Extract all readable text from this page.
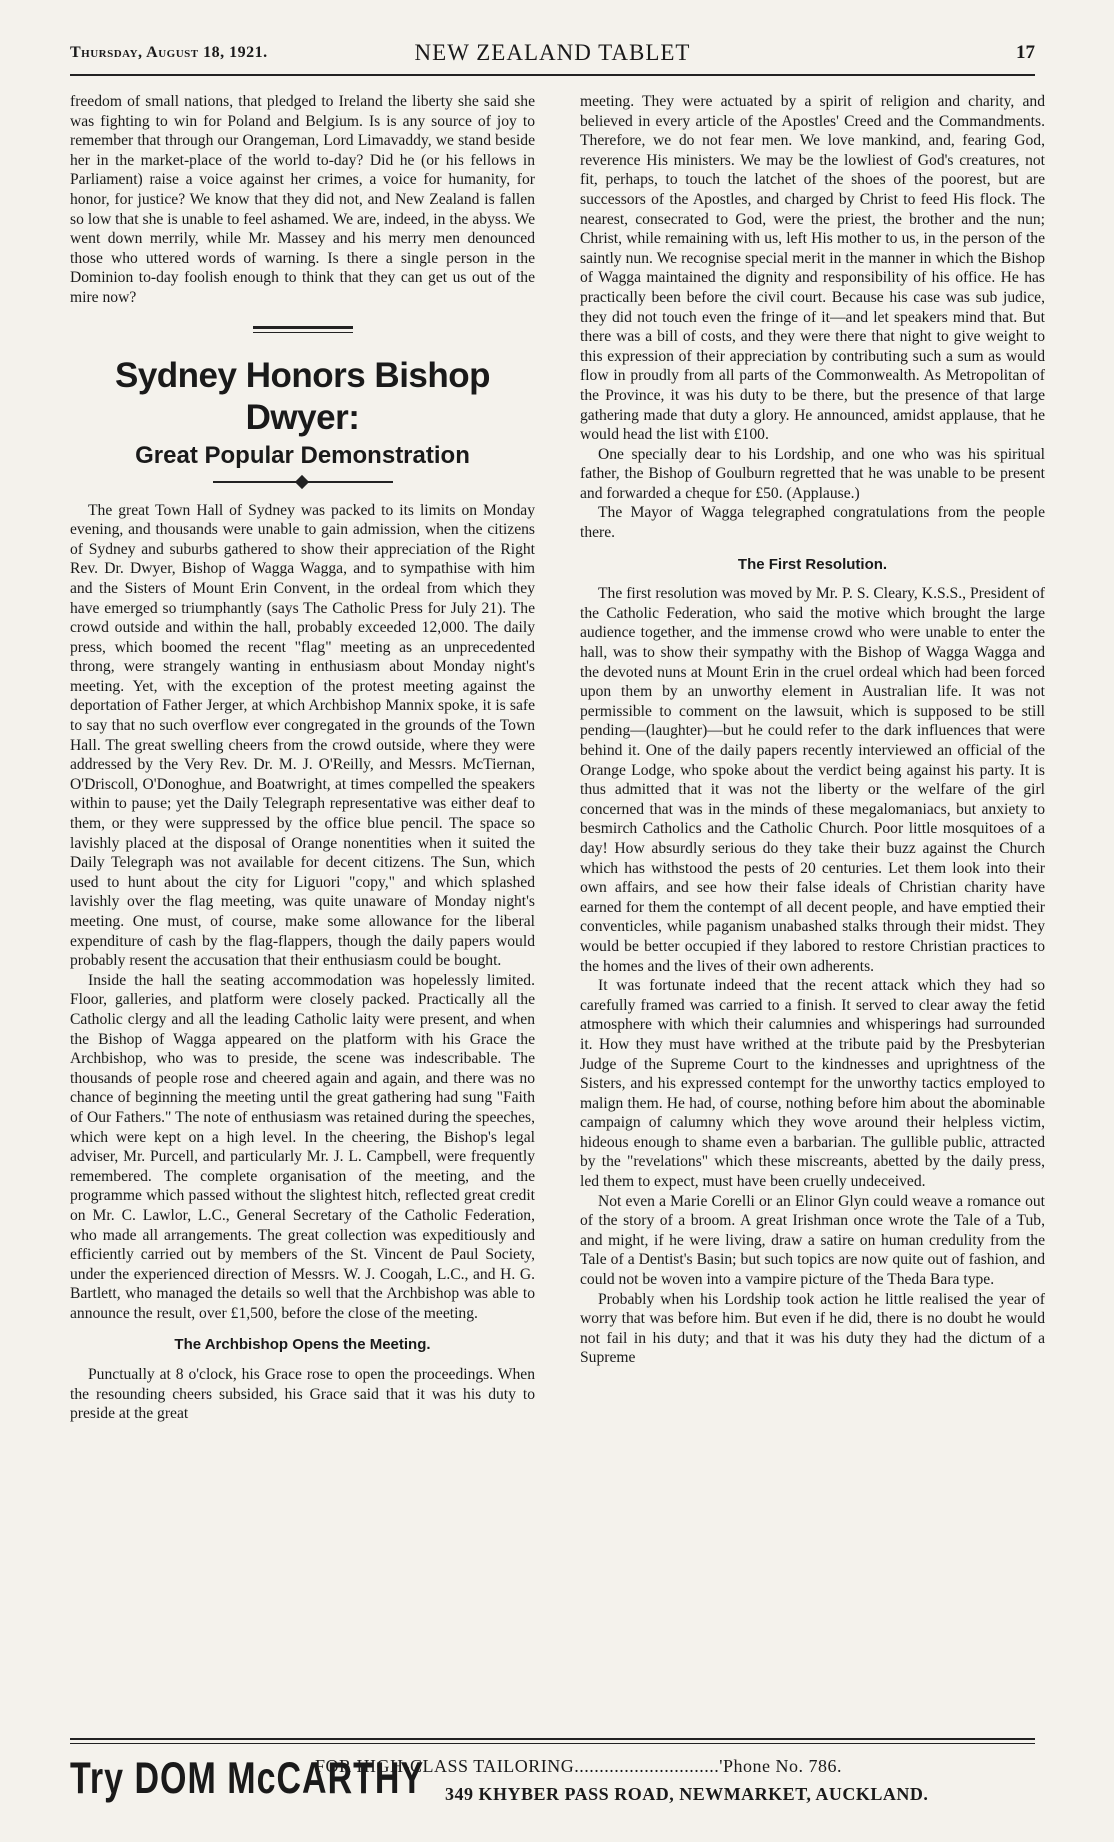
Thursday, August 18, 1921.	NEW ZEALAND TABLET	17

freedom of small nations, that pledged to Ireland the liberty she said she was fighting to win for Poland and Belgium. Is is any source of joy to remember that through our Orangeman, Lord Limavaddy, we stand beside her in the market-place of the world to-day? Did he (or his fellows in Parliament) raise a voice against her crimes, a voice for humanity, for honor, for justice? We know that they did not, and New Zealand is fallen so low that she is unable to feel ashamed. We are, indeed, in the abyss. We went down merrily, while Mr. Massey and his merry men denounced those who uttered words of warning. Is there a single person in the Dominion to-day foolish enough to think that they can get us out of the mire now?

Sydney Honors Bishop Dwyer:
Great Popular Demonstration

The great Town Hall of Sydney was packed to its limits on Monday evening, and thousands were unable to gain admission, when the citizens of Sydney and suburbs gathered to show their appreciation of the Right Rev. Dr. Dwyer, Bishop of Wagga Wagga, and to sympathise with him and the Sisters of Mount Erin Convent, in the ordeal from which they have emerged so triumphantly (says The Catholic Press for July 21). The crowd outside and within the hall, probably exceeded 12,000. The daily press, which boomed the recent "flag" meeting as an unprecedented throng, were strangely wanting in enthusiasm about Monday night's meeting. Yet, with the exception of the protest meeting against the deportation of Father Jerger, at which Archbishop Mannix spoke, it is safe to say that no such overflow ever congregated in the grounds of the Town Hall. The great swelling cheers from the crowd outside, where they were addressed by the Very Rev. Dr. M. J. O'Reilly, and Messrs. McTiernan, O'Driscoll, O'Donoghue, and Boatwright, at times compelled the speakers within to pause; yet the Daily Telegraph representative was either deaf to them, or they were suppressed by the office blue pencil. The space so lavishly placed at the disposal of Orange nonentities when it suited the Daily Telegraph was not available for decent citizens. The Sun, which used to hunt about the city for Liguori "copy," and which splashed lavishly over the flag meeting, was quite unaware of Monday night's meeting. One must, of course, make some allowance for the liberal expenditure of cash by the flag-flappers, though the daily papers would probably resent the accusation that their enthusiasm could be bought.

Inside the hall the seating accommodation was hopelessly limited. Floor, galleries, and platform were closely packed. Practically all the Catholic clergy and all the leading Catholic laity were present, and when the Bishop of Wagga appeared on the platform with his Grace the Archbishop, who was to preside, the scene was indescribable. The thousands of people rose and cheered again and again, and there was no chance of beginning the meeting until the great gathering had sung "Faith of Our Fathers." The note of enthusiasm was retained during the speeches, which were kept on a high level. In the cheering, the Bishop's legal adviser, Mr. Purcell, and particularly Mr. J. L. Campbell, were frequently remembered. The complete organisation of the meeting, and the programme which passed without the slightest hitch, reflected great credit on Mr. C. Lawlor, L.C., General Secretary of the Catholic Federation, who made all arrangements. The great collection was expeditiously and efficiently carried out by members of the St. Vincent de Paul Society, under the experienced direction of Messrs. W. J. Coogah, L.C., and H. G. Bartlett, who managed the details so well that the Archbishop was able to announce the result, over £1,500, before the close of the meeting.

The Archbishop Opens the Meeting.

Punctually at 8 o'clock, his Grace rose to open the proceedings. When the resounding cheers subsided, his Grace said that it was his duty to preside at the great

meeting. They were actuated by a spirit of religion and charity, and believed in every article of the Apostles' Creed and the Commandments. Therefore, we do not fear men. We love mankind, and, fearing God, reverence His ministers. We may be the lowliest of God's creatures, not fit, perhaps, to touch the latchet of the shoes of the poorest, but are successors of the Apostles, and charged by Christ to feed His flock. The nearest, consecrated to God, were the priest, the brother and the nun; Christ, while remaining with us, left His mother to us, in the person of the saintly nun. We recognise special merit in the manner in which the Bishop of Wagga maintained the dignity and responsibility of his office. He has practically been before the civil court. Because his case was sub judice, they did not touch even the fringe of it—and let speakers mind that. But there was a bill of costs, and they were there that night to give weight to this expression of their appreciation by contributing such a sum as would flow in proudly from all parts of the Commonwealth. As Metropolitan of the Province, it was his duty to be there, but the presence of that large gathering made that duty a glory. He announced, amidst applause, that he would head the list with £100.

One specially dear to his Lordship, and one who was his spiritual father, the Bishop of Goulburn regretted that he was unable to be present and forwarded a cheque for £50. (Applause.)

The Mayor of Wagga telegraphed congratulations from the people there.

The First Resolution.

The first resolution was moved by Mr. P. S. Cleary, K.S.S., President of the Catholic Federation, who said the motive which brought the large audience together, and the immense crowd who were unable to enter the hall, was to show their sympathy with the Bishop of Wagga Wagga and the devoted nuns at Mount Erin in the cruel ordeal which had been forced upon them by an unworthy element in Australian life. It was not permissible to comment on the lawsuit, which is supposed to be still pending—(laughter)—but he could refer to the dark influences that were behind it. One of the daily papers recently interviewed an official of the Orange Lodge, who spoke about the verdict being against his party. It is thus admitted that it was not the liberty or the welfare of the girl concerned that was in the minds of these megalomaniacs, but anxiety to besmirch Catholics and the Catholic Church. Poor little mosquitoes of a day! How absurdly serious do they take their buzz against the Church which has withstood the pests of 20 centuries. Let them look into their own affairs, and see how their false ideals of Christian charity have earned for them the contempt of all decent people, and have emptied their conventicles, while paganism unabashed stalks through their midst. They would be better occupied if they labored to restore Christian practices to the homes and the lives of their own adherents.

It was fortunate indeed that the recent attack which they had so carefully framed was carried to a finish. It served to clear away the fetid atmosphere with which their calumnies and whisperings had surrounded it. How they must have writhed at the tribute paid by the Presbyterian Judge of the Supreme Court to the kindnesses and uprightness of the Sisters, and his expressed contempt for the unworthy tactics employed to malign them. He had, of course, nothing before him about the abominable campaign of calumny which they wove around their helpless victim, hideous enough to shame even a barbarian. The gullible public, attracted by the "revelations" which these miscreants, abetted by the daily press, led them to expect, must have been cruelly undeceived.

Not even a Marie Corelli or an Elinor Glyn could weave a romance out of the story of a broom. A great Irishman once wrote the Tale of a Tub, and might, if he were living, draw a satire on human credulity from the Tale of a Dentist's Basin; but such topics are now quite out of fashion, and could not be woven into a vampire picture of the Theda Bara type.

Probably when his Lordship took action he little realised the year of worry that was before him. But even if he did, there is no doubt he would not fail in his duty; and that it was his duty they had the dictum of a Supreme

Try DOM McCARTHY
FOR HIGH-CLASS TAILORING.............................'Phone No. 786.
349 KHYBER PASS ROAD, NEWMARKET, AUCKLAND.
